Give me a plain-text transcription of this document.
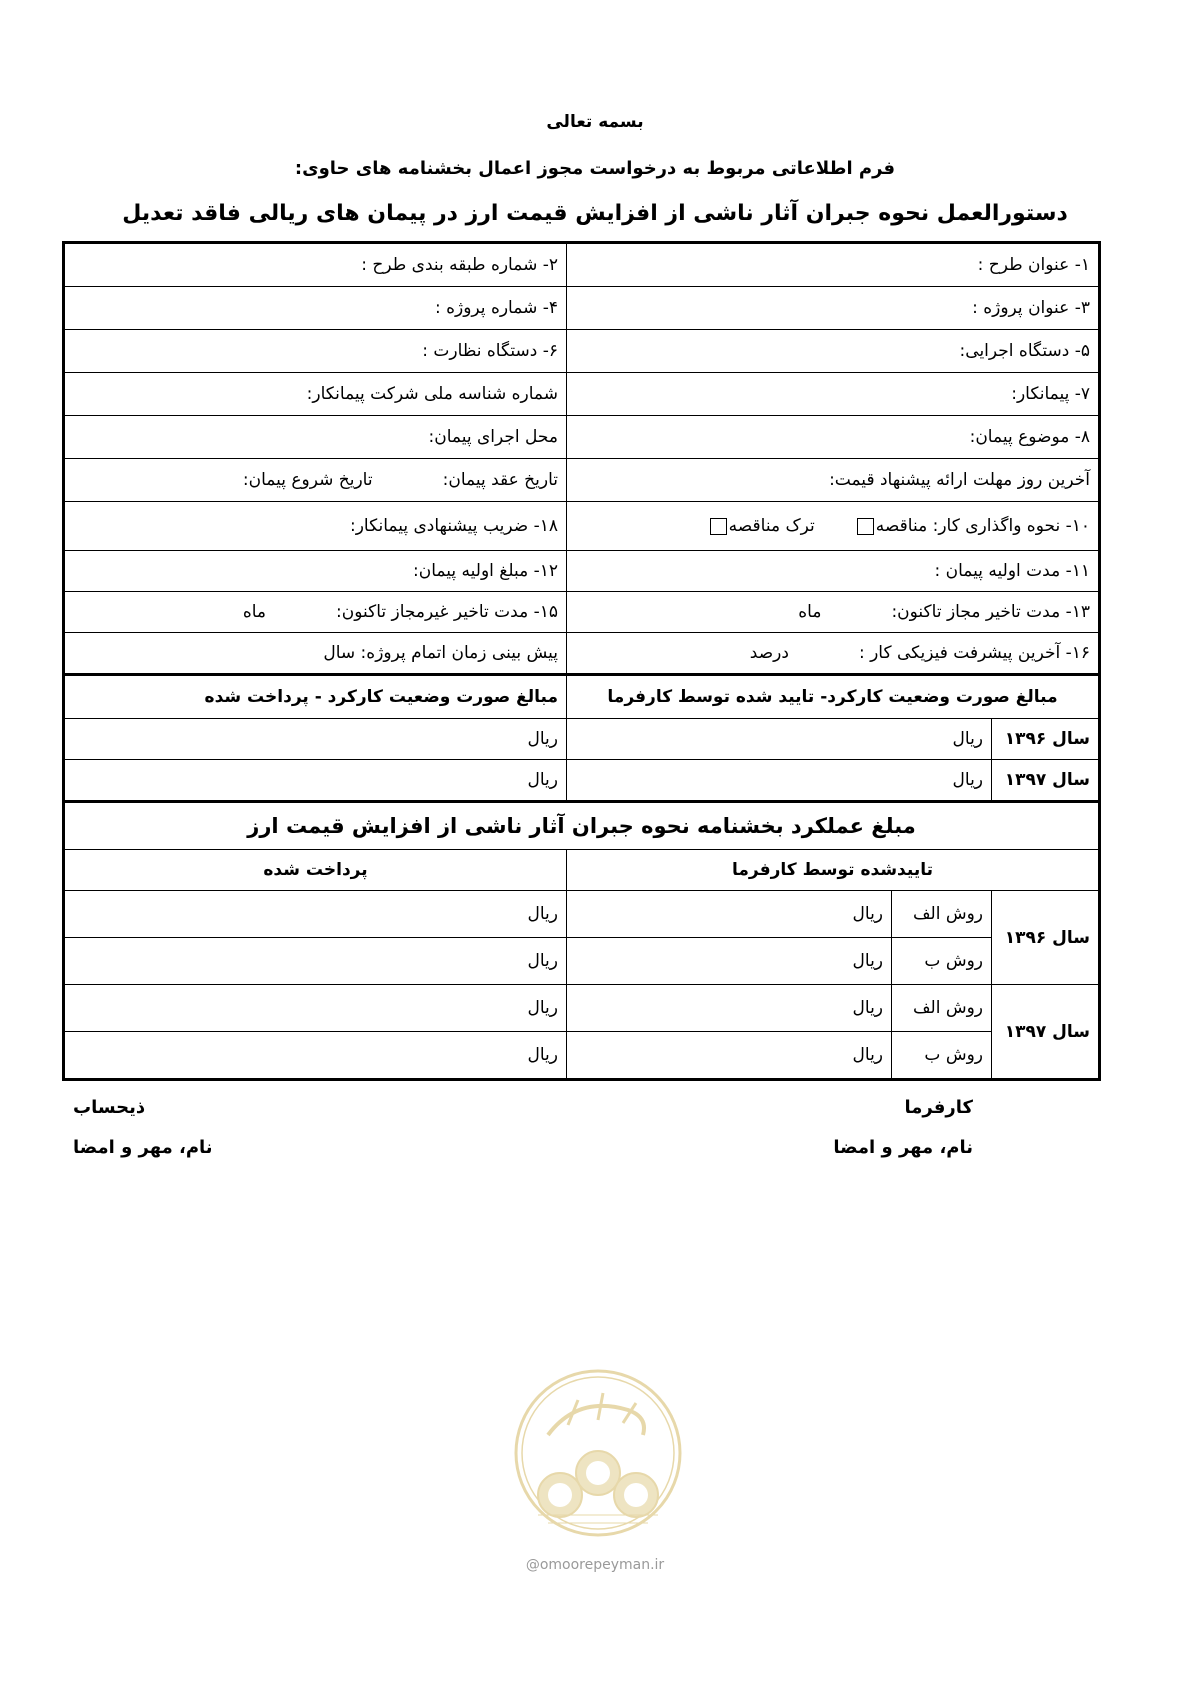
بسمه تعالی
فرم اطلاعاتی مربوط به درخواست مجوز اعمال بخشنامه های حاوی:
دستورالعمل نحوه جبران آثار ناشی از افزایش قیمت ارز در پیمان های ریالی فاقد تعدیل
۱- عنوان طرح :			۲- شماره طبقه بندی طرح :
۳- عنوان پروژه :			۴- شماره پروژه :
۵- دستگاه اجرایی:			۶- دستگاه نظارت :
۷- پیمانکار:			شماره شناسه ملی شرکت پیمانکار:
۸- موضوع پیمان:			محل اجرای پیمان:
آخرین روز مهلت ارائه پیشنهاد قیمت:			تاریخ عقد پیمان:تاریخ شروع پیمان:
۱۰- نحوه واگذاری کار: مناقصهترک مناقصه			۱۸- ضریب پیشنهادی پیمانکار:
۱۱- مدت اولیه پیمان :			۱۲- مبلغ اولیه پیمان:
۱۳- مدت تاخیر مجاز تاکنون:ماه			۱۵- مدت تاخیر غیرمجاز تاکنون:ماه
۱۶- آخرین پیشرفت فیزیکی کار :درصد			پیش بینی زمان اتمام پروژه: سال
مبالغ صورت وضعیت کارکرد- تایید شده توسط کارفرما			مبالغ صورت وضعیت کارکرد - پرداخت شده
سال ۱۳۹۶	ریال		ریال
سال ۱۳۹۷	ریال		ریال
مبلغ عملکرد بخشنامه نحوه جبران آثار ناشی از افزایش قیمت ارز			
تاییدشده توسط کارفرما			پرداخت شده
سال ۱۳۹۶	روش الف	ریال	ریال
	روش ب	ریال	ریال
سال ۱۳۹۷	روش الف	ریال	ریال
	روش ب	ریال	ریال
کارفرما
نام، مهر و امضا
ذیحساب
نام، مهر و امضا
@omoorepeyman.ir
